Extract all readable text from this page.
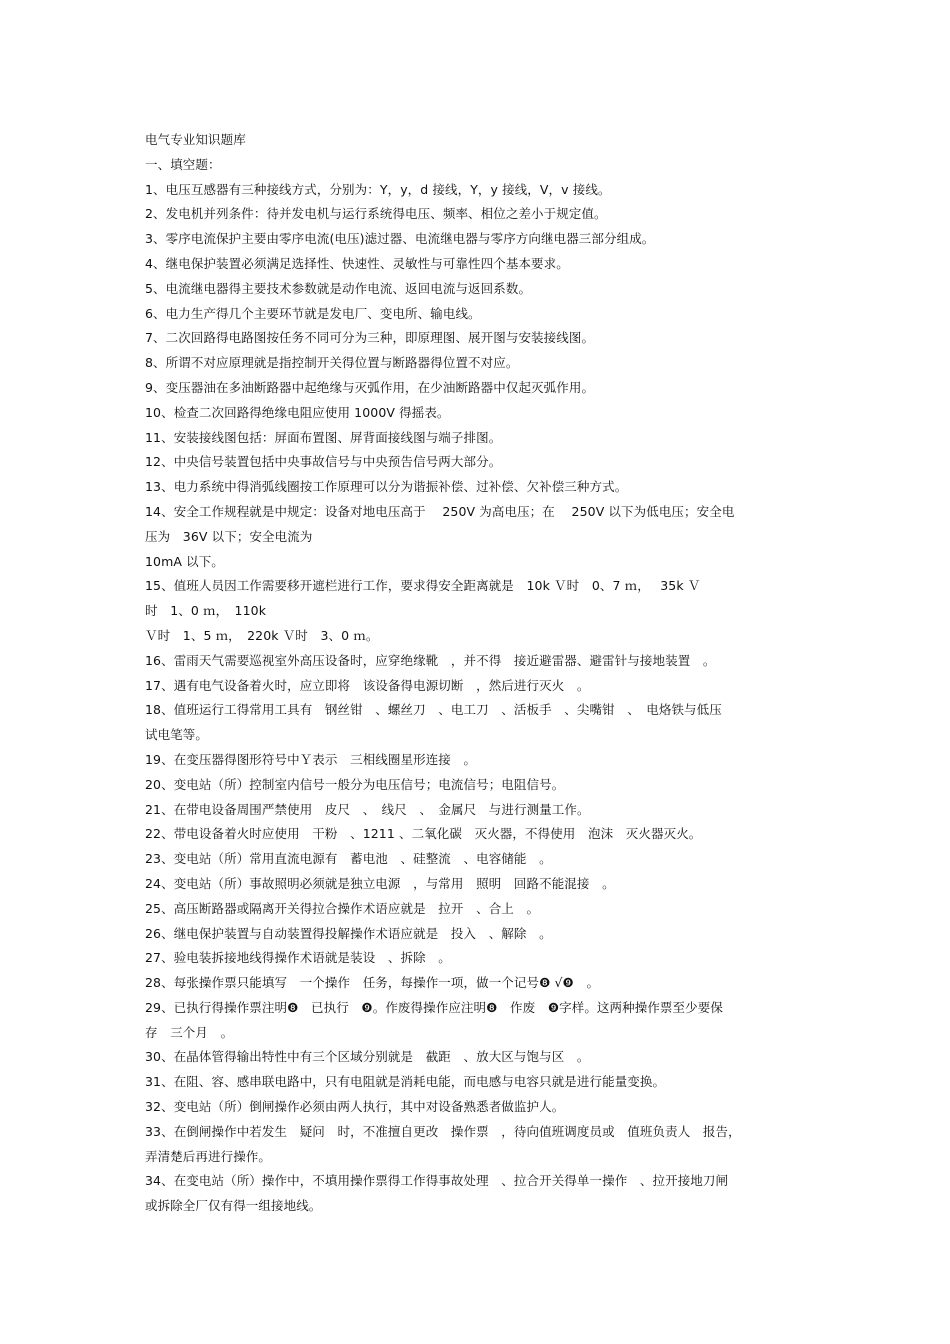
电气专业知识题库
一、填空题：
1、电压互感器有三种接线方式，分别为：Y，y，d 接线，Y，y 接线，V，v 接线。
2、发电机并列条件：待并发电机与运行系统得电压、频率、相位之差小于规定值。
3、零序电流保护主要由零序电流(电压)滤过器、电流继电器与零序方向继电器三部分组成。
4、继电保护装置必须满足选择性、快速性、灵敏性与可靠性四个基本要求。
5、电流继电器得主要技术参数就是动作电流、返回电流与返回系数。
6、电力生产得几个主要环节就是发电厂、变电所、输电线。
7、二次回路得电路图按任务不同可分为三种，即原理图、展开图与安装接线图。
8、所谓不对应原理就是指控制开关得位置与断路器得位置不对应。
9、变压器油在多油断路器中起绝缘与灭弧作用，在少油断路器中仅起灭弧作用。
10、检查二次回路得绝缘电阻应使用 1000V 得摇表。
11、安装接线图包括：屏面布置图、屏背面接线图与端子排图。
12、中央信号装置包括中央事故信号与中央预告信号两大部分。
13、电力系统中得消弧线圈按工作原理可以分为谐振补偿、过补偿、欠补偿三种方式。
14、安全工作规程就是中规定：设备对地电压高于　 250V 为高电压；在　 250V 以下为低电压；安全电
压为　36V 以下；安全电流为
10mA 以下。
15、值班人员因工作需要移开遮栏进行工作，要求得安全距离就是　10k Ｖ时　0、7 ｍ，　 35k Ｖ
时　1、0 ｍ，　110k
Ｖ时　1、5 ｍ，　220k Ｖ时　3、0 ｍ。
16、雷雨天气需要巡视室外高压设备时，应穿绝缘靴　，并不得　接近避雷器、避雷针与接地装置　。
17、遇有电气设备着火时，应立即将　该设备得电源切断　，然后进行灭火　。
18、值班运行工得常用工具有　钢丝钳　、螺丝刀　、电工刀　、活板手　、尖嘴钳　、　电烙铁与低压
试电笔等。
19、在变压器得图形符号中Ｙ表示　三相线圈星形连接　。
20、变电站（所）控制室内信号一般分为电压信号；电流信号；电阻信号。
21、在带电设备周围严禁使用　皮尺　、　线尺　、　金属尺　与进行测量工作。
22、带电设备着火时应使用　干粉　、1211 、二氧化碳　灭火器，不得使用　泡沫　灭火器灭火。
23、变电站（所）常用直流电源有　蓄电池　、硅整流　、电容储能　。
24、变电站（所）事故照明必须就是独立电源　，与常用　照明　回路不能混接　。
25、高压断路器或隔离开关得拉合操作术语应就是　拉开　、合上　。
26、继电保护装置与自动装置得投解操作术语应就是　投入　、解除　。
27、验电装拆接地线得操作术语就是装设　、拆除　。
28、每张操作票只能填写　一个操作　任务，每操作一项，做一个记号❽ √❾　。
29、已执行得操作票注明❽　已执行　❾。作废得操作应注明❽　作废　❾字样。这两种操作票至少要保
存　三个月　。
30、在晶体管得输出特性中有三个区域分别就是　截距　、放大区与饱与区　。
31、在阻、容、感串联电路中，只有电阻就是消耗电能，而电感与电容只就是进行能量变换。
32、变电站（所）倒闸操作必须由两人执行，其中对设备熟悉者做监护人。
33、在倒闸操作中若发生　疑问　时，不准擅自更改　操作票　，待向值班调度员或　值班负责人　报告，
弄清楚后再进行操作。
34、在变电站（所）操作中，不填用操作票得工作得事故处理　、拉合开关得单一操作　、拉开接地刀闸
或拆除全厂仅有得一组接地线。
